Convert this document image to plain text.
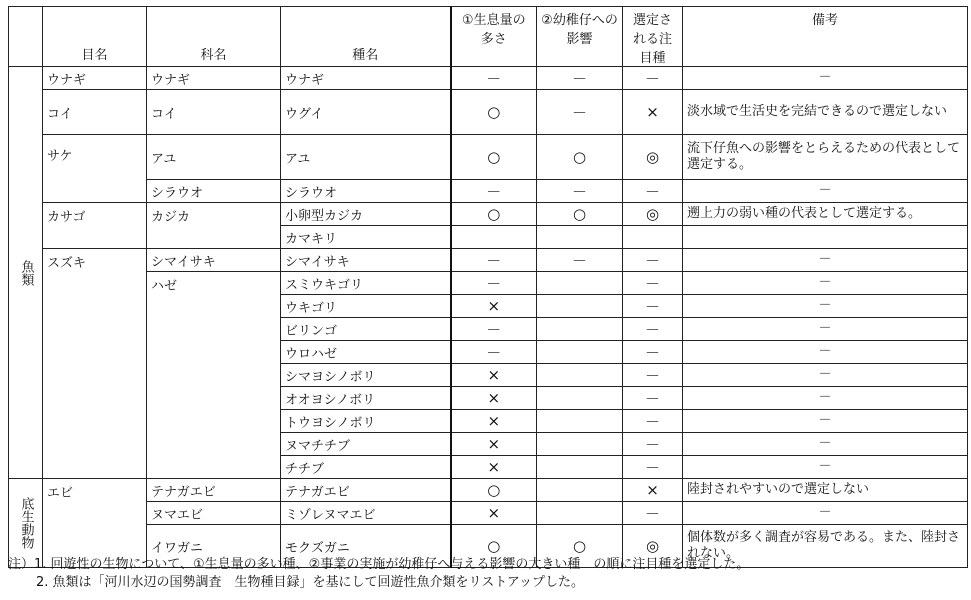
	目名	科名	種名	①生息量の多さ	②幼稚仔への影響	選定される注目種	備考

魚類	ウナギ	ウナギ	ウナギ	－	－	－	－
	コイ	コイ	ウグイ	○	－	×	淡水域で生活史を完結できるので選定しない
	サケ	アユ	アユ	○	○	◎	流下仔魚への影響をとらえるための代表として選定する。
		シラウオ	シラウオ	－	－	－	－
	カサゴ	カジカ	小卵型カジカ	○	○	◎	遡上力の弱い種の代表として選定する。
			カマキリ				
	スズキ	シマイサキ	シマイサキ	－	－	－	－
		ハゼ	スミウキゴリ	－		－	－
			ウキゴリ	×		－	－
			ビリンゴ	－		－	－
			ウロハゼ	－		－	－
			シマヨシノボリ	×		－	－
			オオヨシノボリ	×		－	－
			トウヨシノボリ	×		－	－
			ヌマチチブ	×		－	－
			チチブ	×		－	－

底生動物	エビ	テナガエビ	テナガエビ	○		×	陸封されやすいので選定しない
		ヌマエビ	ミゾレヌマエビ	×		－	－
		イワガニ	モクズガニ	○	○	◎	個体数が多く調査が容易である。また、陸封されない。
注）1. 回遊性の生物について、①生息量の多い種、②事業の実施が幼稚仔へ与える影響の大きい種　の順に注目種を選定した。
2. 魚類は「河川水辺の国勢調査　生物種目録」を基にして回遊性魚介類をリストアップした。
